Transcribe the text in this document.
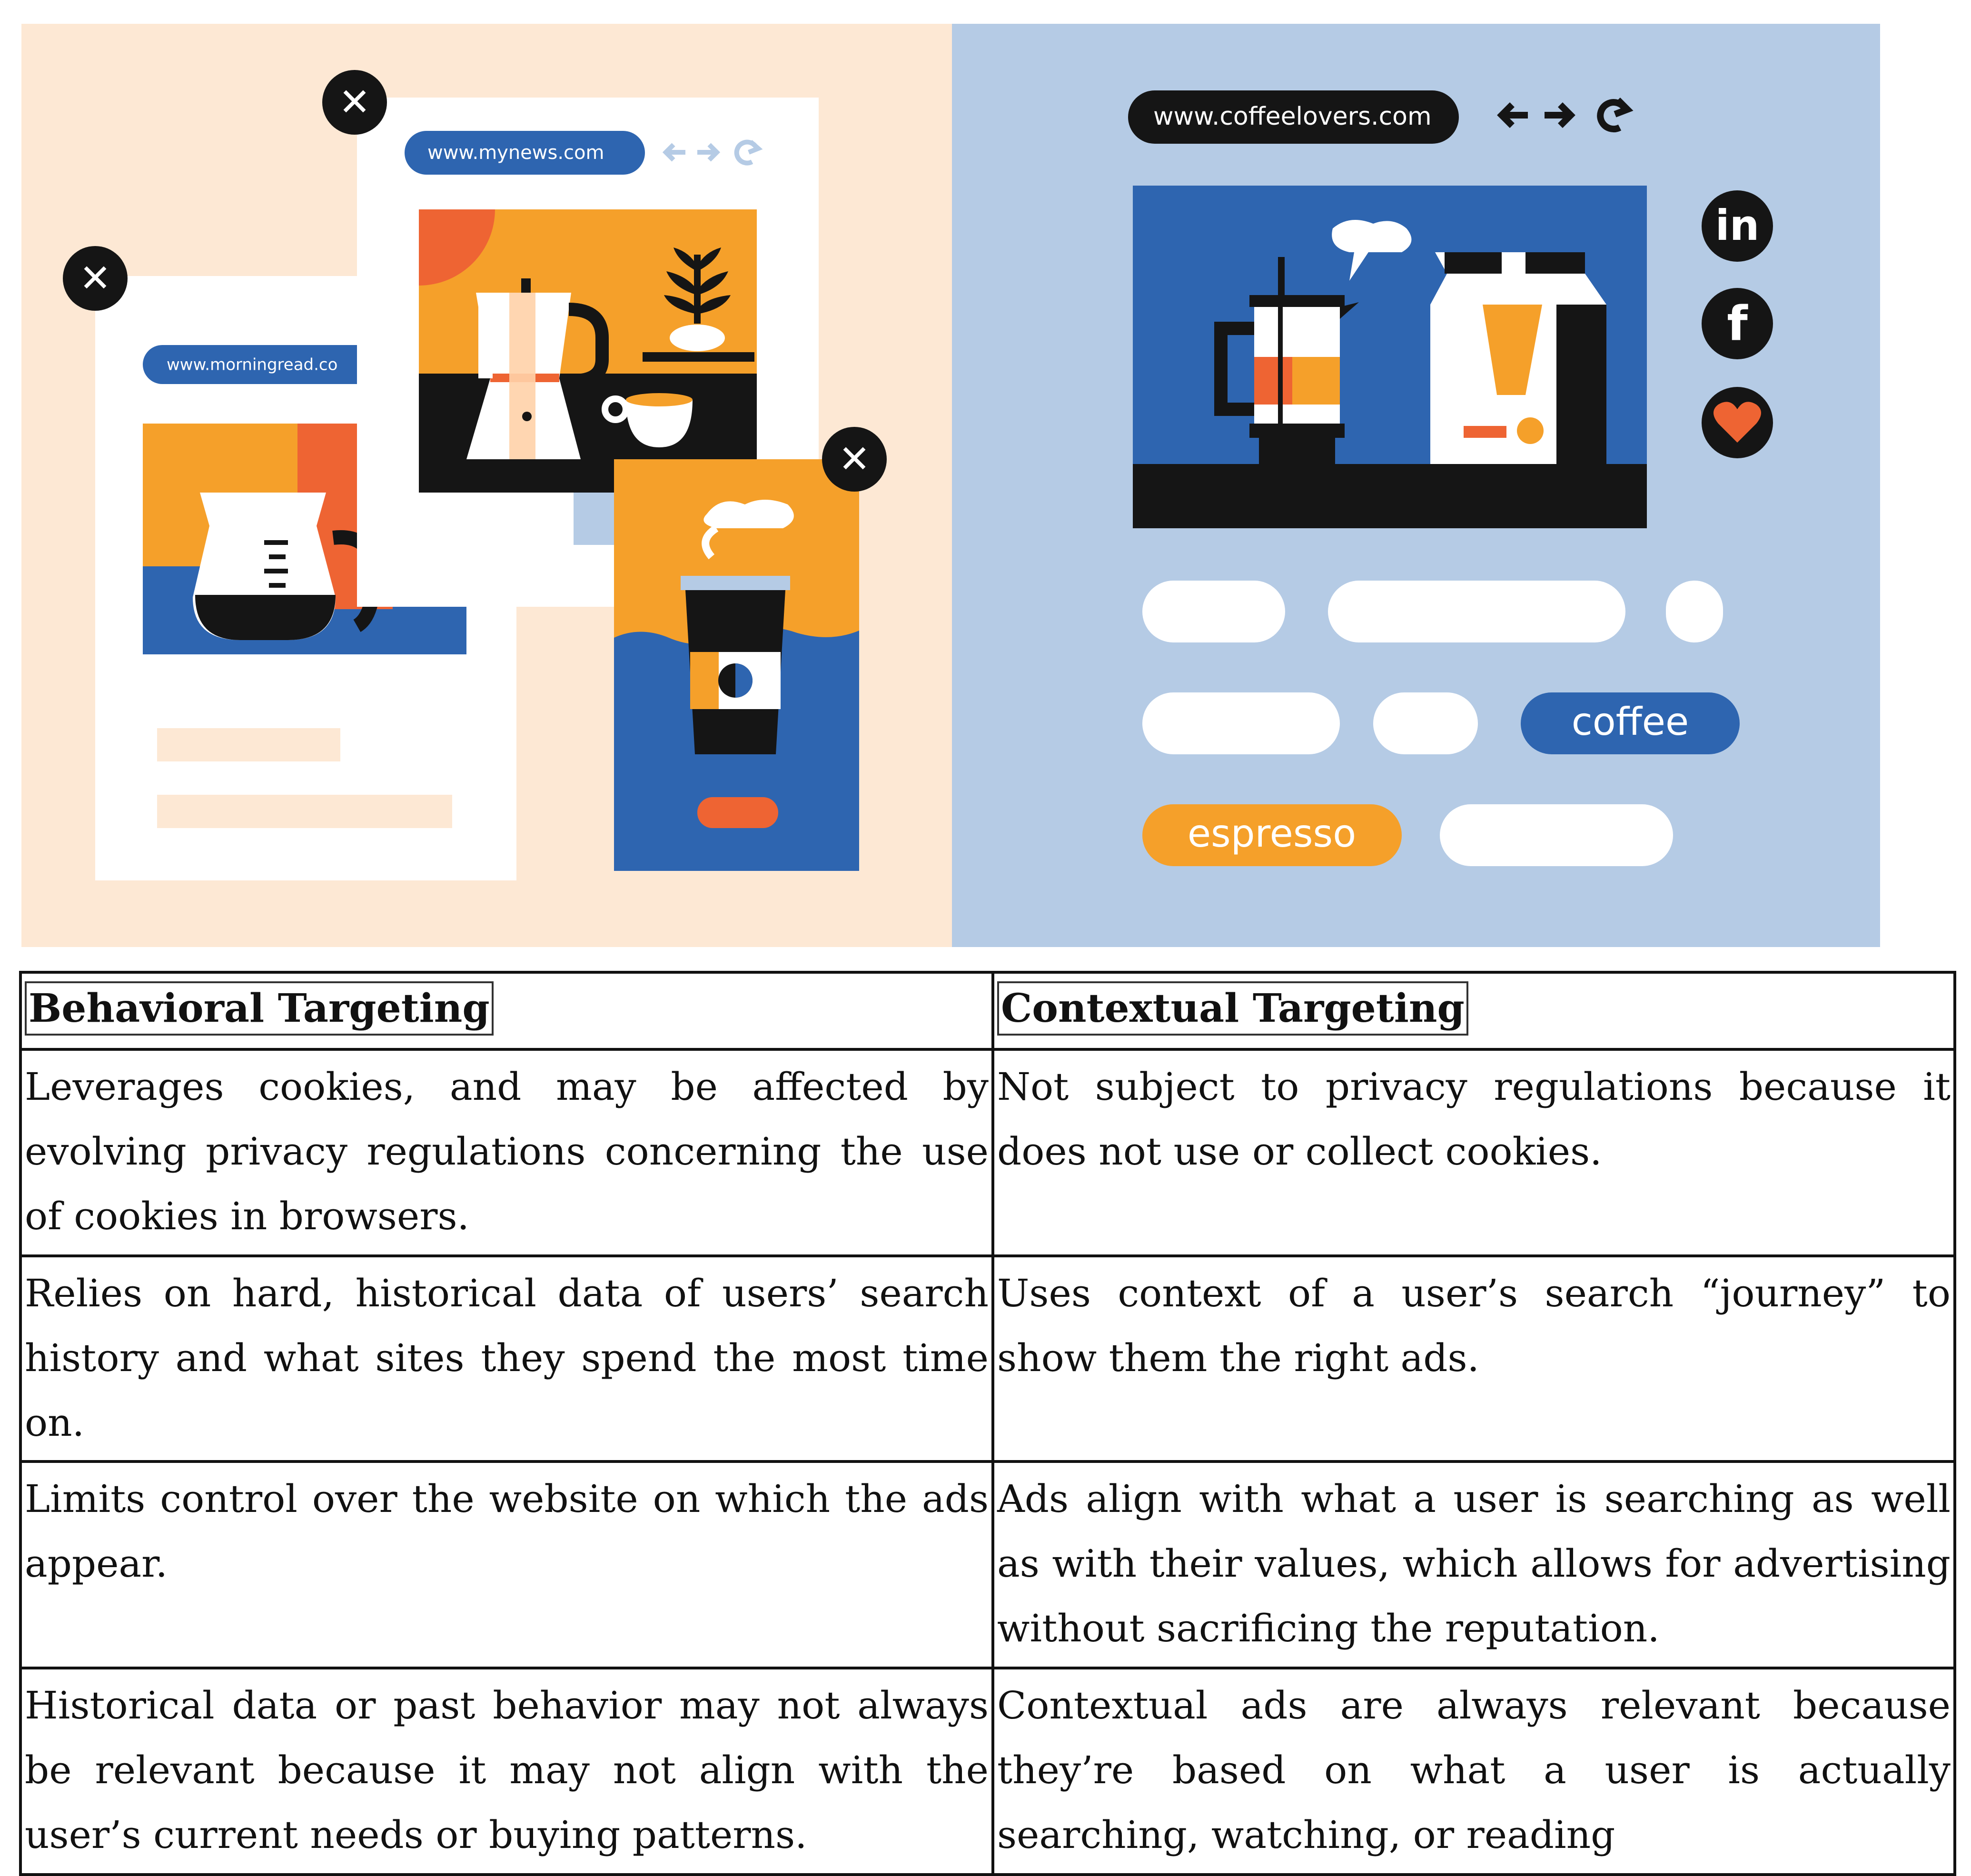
www.morningread.co
✕
www.mynews.com
✕
✕
www.coffeelovers.com
in
f
coffee
espresso
Behavioral Targeting	Contextual Targeting
Leverages cookies, and may be affected by evolving privacy regulations concerning the use of cookies in browsers.	Not subject to privacy regulations because it does not use or collect cookies.
Relies on hard, historical data of users’ search history and what sites they spend the most time on.	Uses context of a user’s search “journey” to show them the right ads.
Limits control over the website on which the ads appear.	Ads align with what a user is searching as well as with their values, which allows for advertising without sacrificing the reputation.
Historical data or past behavior may not always be relevant because it may not align with the user’s current needs or buying patterns.	Contextual ads are always relevant because they’re based on what a user is actually searching, watching, or reading
